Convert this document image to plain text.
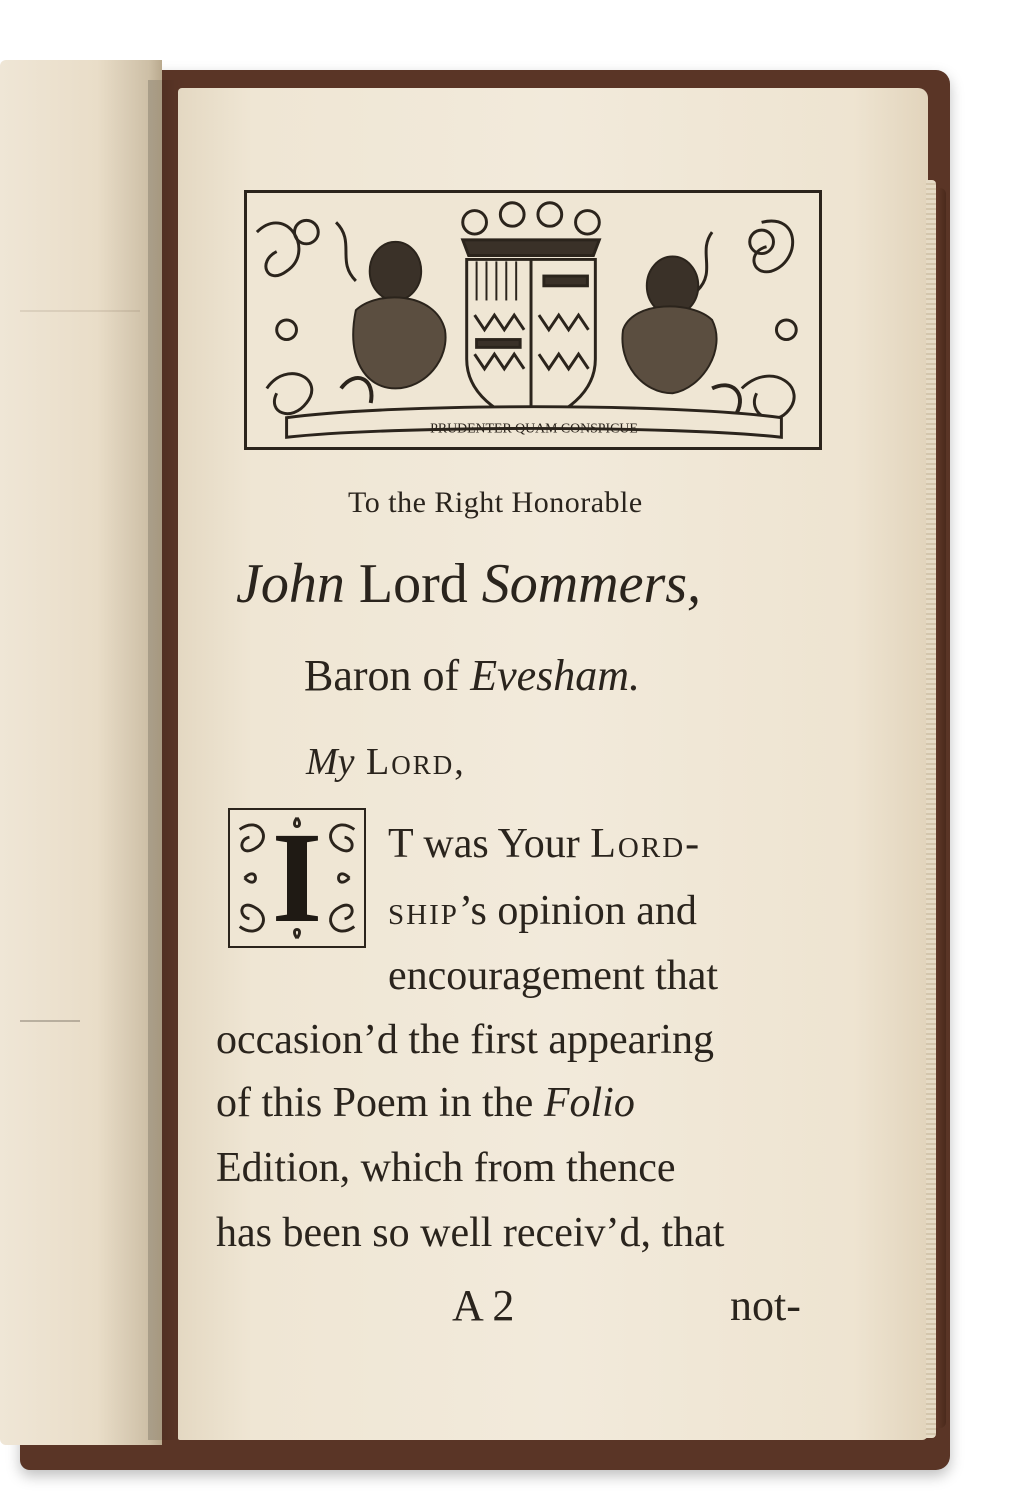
PRUDENTER QUAM CONSPICUE
To the Right Honorable
John Lord Sommers,
Baron of Evesham.
My Lord,
I	T was Your Lord-
ship’s opinion and
encouragement that
occasion’d the first appearing
of this Poem in the Folio
Edition, which from thence
has been so well receiv’d, that
A 2	not-
